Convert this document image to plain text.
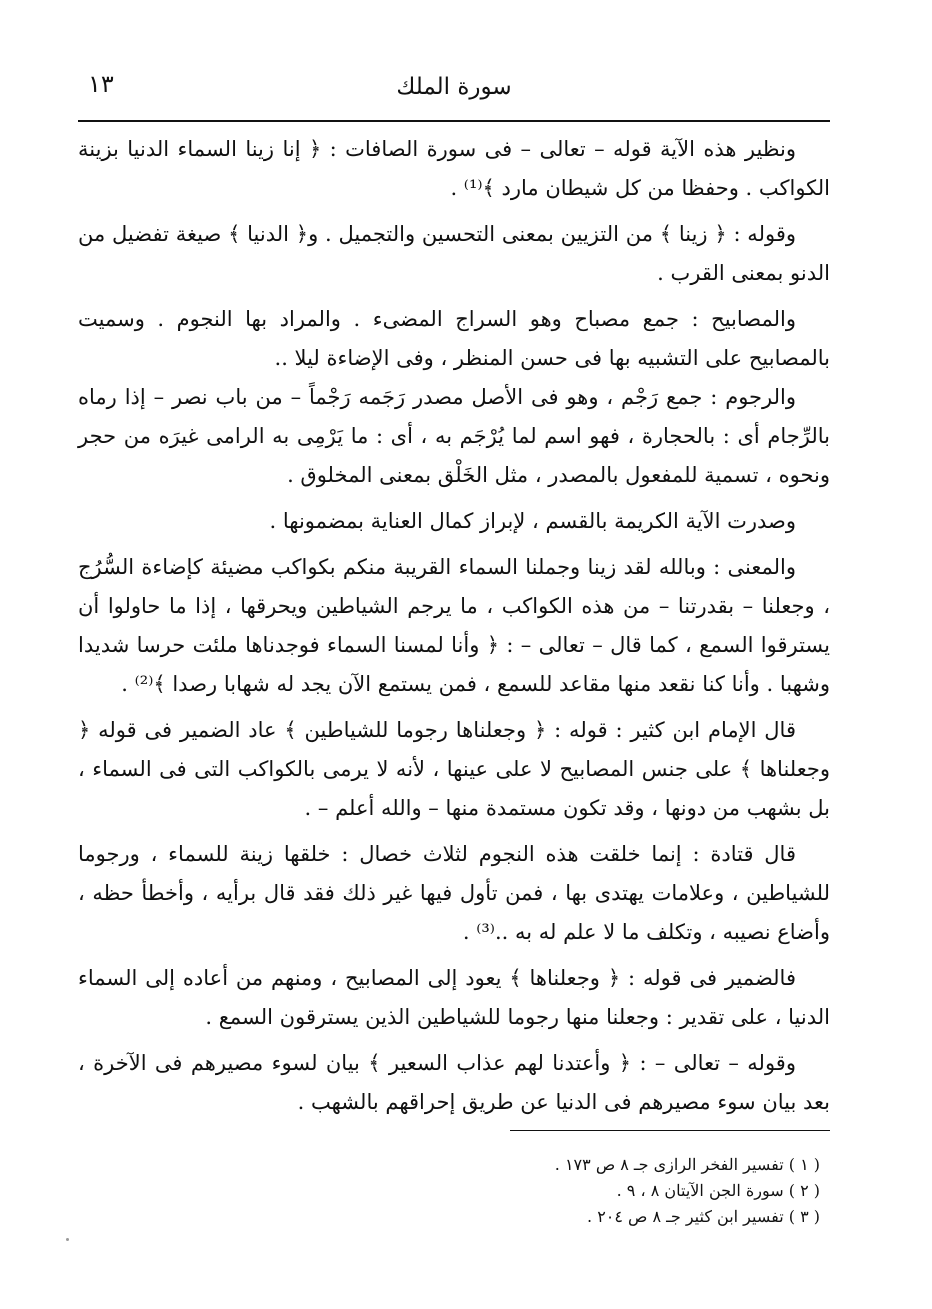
١٣	سورة الملك

ونظير هذه الآية قوله – تعالى – فى سورة الصافات : ﴿ إنا زينا السماء الدنيا بزينة الكواكب . وحفظا من كل شيطان مارد ﴾⁽¹⁾ .

وقوله : ﴿ زينا ﴾ من التزيين بمعنى التحسين والتجميل . و﴿ الدنيا ﴾ صيغة تفضيل من الدنو بمعنى القرب .

والمصابيح : جمع مصباح وهو السراج المضىء . والمراد بها النجوم . وسميت بالمصابيح على التشبيه بها فى حسن المنظر ، وفى الإضاءة ليلا ..

والرجوم : جمع رَجْم ، وهو فى الأصل مصدر رَجَمه رَجْماً – من باب نصر – إذا رماه بالرِّجام أى : بالحجارة ، فهو اسم لما يُرْجَم به ، أى : ما يَرْمِى به الرامى غيرَه من حجر ونحوه ، تسمية للمفعول بالمصدر ، مثل الخَلْق بمعنى المخلوق .

وصدرت الآية الكريمة بالقسم ، لإبراز كمال العناية بمضمونها .

والمعنى : وبالله لقد زينا وجملنا السماء القريبة منكم بكواكب مضيئة كإضاءة السُّرُج ، وجعلنا – بقدرتنا – من هذه الكواكب ، ما يرجم الشياطين ويحرقها ، إذا ما حاولوا أن يسترقوا السمع ، كما قال – تعالى – : ﴿ وأنا لمسنا السماء فوجدناها ملئت حرسا شديدا وشهبا . وأنا كنا نقعد منها مقاعد للسمع ، فمن يستمع الآن يجد له شهابا رصدا ﴾⁽²⁾ .

قال الإمام ابن كثير : قوله : ﴿ وجعلناها رجوما للشياطين ﴾ عاد الضمير فى قوله ﴿ وجعلناها ﴾ على جنس المصابيح لا على عينها ، لأنه لا يرمى بالكواكب التى فى السماء ، بل بشهب من دونها ، وقد تكون مستمدة منها – والله أعلم – .

قال قتادة : إنما خلقت هذه النجوم لثلاث خصال : خلقها زينة للسماء ، ورجوما للشياطين ، وعلامات يهتدى بها ، فمن تأول فيها غير ذلك فقد قال برأيه ، وأخطأ حظه ، وأضاع نصيبه ، وتكلف ما لا علم له به ..⁽³⁾ .

فالضمير فى قوله : ﴿ وجعلناها ﴾ يعود إلى المصابيح ، ومنهم من أعاده إلى السماء الدنيا ، على تقدير : وجعلنا منها رجوما للشياطين الذين يسترقون السمع .

وقوله – تعالى – : ﴿ وأعتدنا لهم عذاب السعير ﴾ بيان لسوء مصيرهم فى الآخرة ، بعد بيان سوء مصيرهم فى الدنيا عن طريق إحراقهم بالشهب .

( ١ ) تفسير الفخر الرازى جـ ٨ ص ١٧٣ .
( ٢ ) سورة الجن الآيتان ٨ ، ٩ .
( ٣ ) تفسير ابن كثير جـ ٨ ص ٢٠٤ .
